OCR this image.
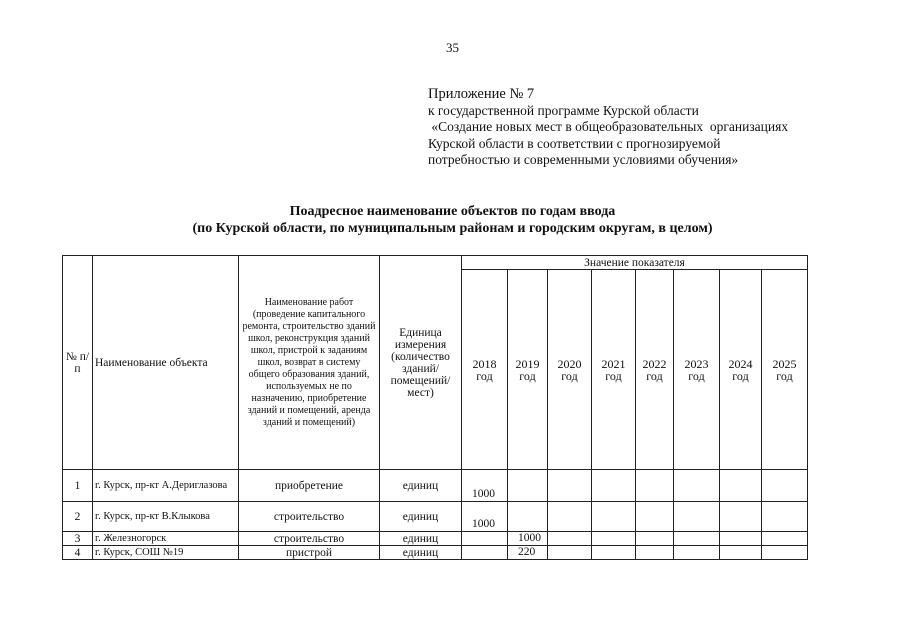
35
Приложение № 7
к государственной программе Курской области
«Создание новых мест в общеобразовательных  организациях
Курской области в соответствии с прогнозируемой
потребностью и современными условиями обучения»
Поадресное наименование объектов по годам ввода
(по Курской области, по муниципальным районам и городским округам, в целом)
№ п/п	Наименование объекта	Наименование работ (проведение капитального ремонта, строительство зданий школ, реконструкция зданий школ, пристрой к заданиям школ, возврат в систему общего образования зданий, используемых не по назначению, приобретение зданий и помещений, аренда зданий и помещений)	Единица измерения (количество зданий/ помещений/ мест)	Значение показателя							
				2018 год	2019 год	2020 год	2021 год	2022 год	2023 год	2024 год	2025 год
1	г. Курск, пр-кт А.Дериглазова	приобретение	единиц	1000							
2	г. Курск, пр-кт В.Клыкова	строительство	единиц	1000							
3	г. Железногорск	строительство	единиц		1000						
4	г. Курск, СОШ №19	пристрой	единиц		220						
